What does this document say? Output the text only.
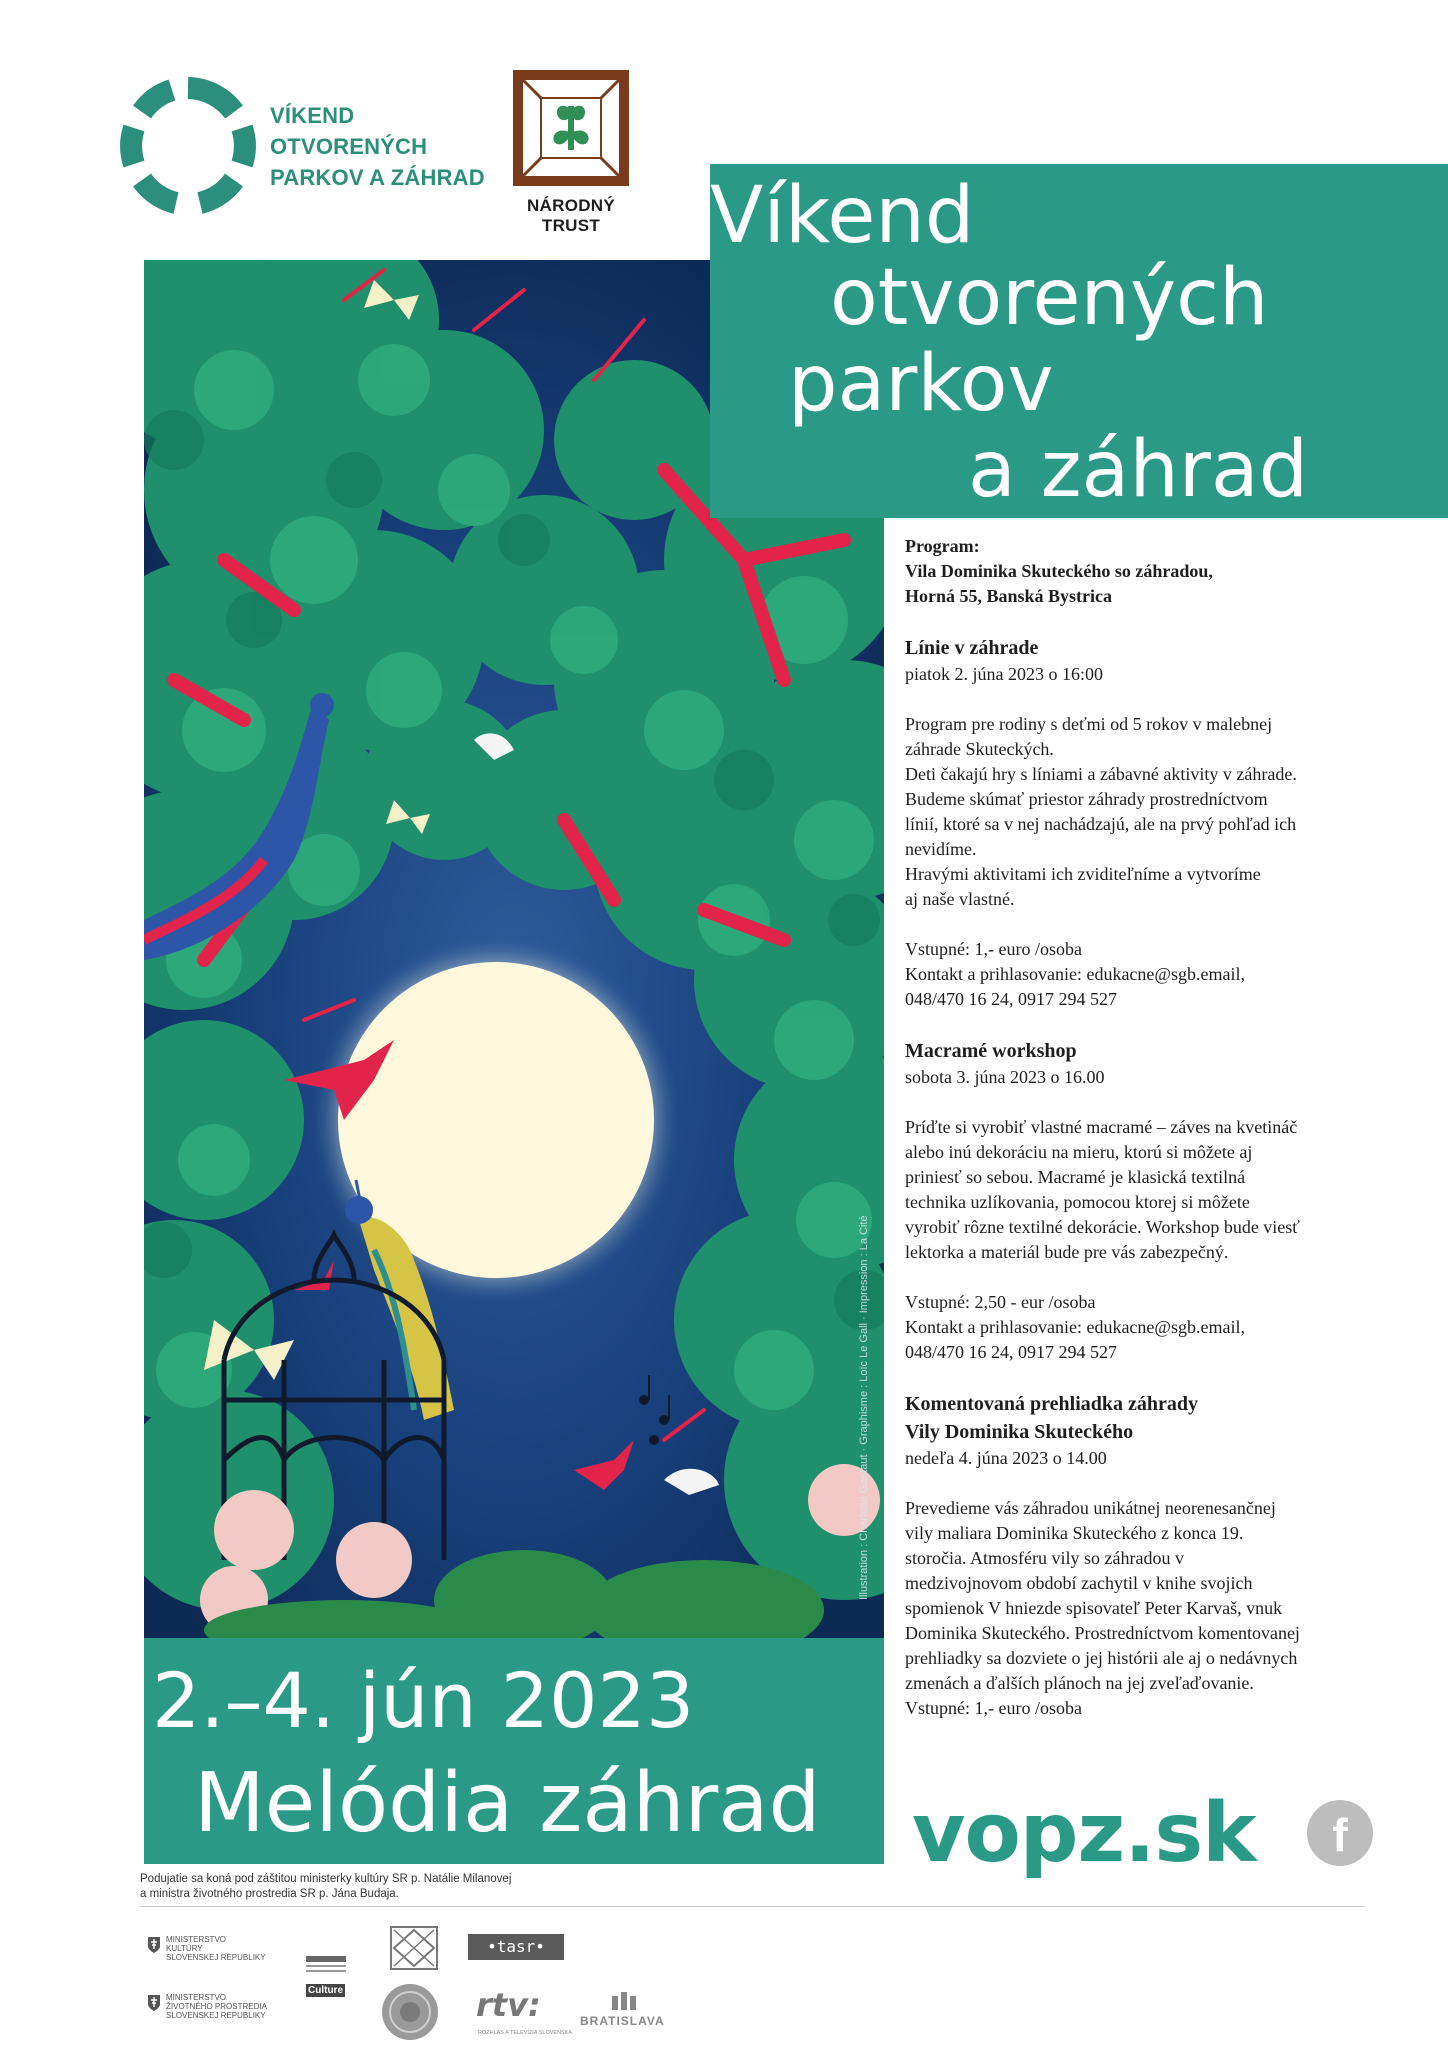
VÍKEND
OTVORENÝCH
PARKOV A ZÁHRAD
NÁRODNÝ TRUST
Illustration : Charlotte Gastaut · Graphisme : Loïc Le Gall · Impression : La Cité
Víkend
otvorených
parkov
a záhrad
2.–4. jún 2023
Melódia záhrad

Program:

Vila Dominika Skuteckého so záhradou,

Horná 55, Banská Bystrica

Línie v záhrade

piatok 2. júna 2023 o 16:00

Program pre rodiny s deťmi od 5 rokov v malebnej

záhrade Skuteckých.

Deti čakajú hry s líniami a zábavné aktivity v záhrade.

Budeme skúmať priestor záhrady prostredníctvom

línií, ktoré sa v nej nachádzajú, ale na prvý pohľad ich

nevidíme.

Hravými aktivitami ich zviditeľníme a vytvoríme

aj naše vlastné.

Vstupné: 1,- euro /osoba

Kontakt a prihlasovanie: edukacne@sgb.email,

048/470 16 24, 0917 294 527

Macramé workshop

sobota 3. júna 2023 o 16.00

Príďte si vyrobiť vlastné macramé – záves na kvetináč

alebo inú dekoráciu na mieru, ktorú si môžete aj

priniesť so sebou. Macramé je klasická textilná

technika uzlíkovania, pomocou ktorej si môžete

vyrobiť rôzne textilné dekorácie. Workshop bude viesť

lektorka a materiál bude pre vás zabezpečný.

Vstupné: 2,50 - eur /osoba

Kontakt a prihlasovanie: edukacne@sgb.email,

048/470 16 24, 0917 294 527

Komentovaná prehliadka záhrady

Vily Dominika Skuteckého

nedeľa 4. júna 2023 o 14.00

Prevedieme vás záhradou unikátnej neorenesančnej

vily maliara Dominika Skuteckého z konca 19.

storočia. Atmosféru vily so záhradou v

medzivojnovom období zachytil v knihe svojich

spomienok V hniezde spisovateľ Peter Karvaš, vnuk

Dominika Skuteckého. Prostredníctvom komentovanej

prehliadky sa dozviete o jej histórii ale aj o nedávnych

zmenách a ďalších plánoch na jej zveľaďovanie.

Vstupné: 1,- euro /osoba

vopz.sk	f
Podujatie sa koná pod záštitou ministerky kultúry SR p. Natálie Milanovej
a ministra životného prostredia SR p. Jána Budaja.
MINISTERSTVO
KULTÚRY
SLOVENSKEJ REPUBLIKY
MINISTERSTVO
ŽIVOTNÉHO PROSTREDIA
SLOVENSKEJ REPUBLIKY
Culture
•tasr•
rtv:
ROZHLAS A TELEVÍZIA SLOVENSKA
BRATISLAVA
